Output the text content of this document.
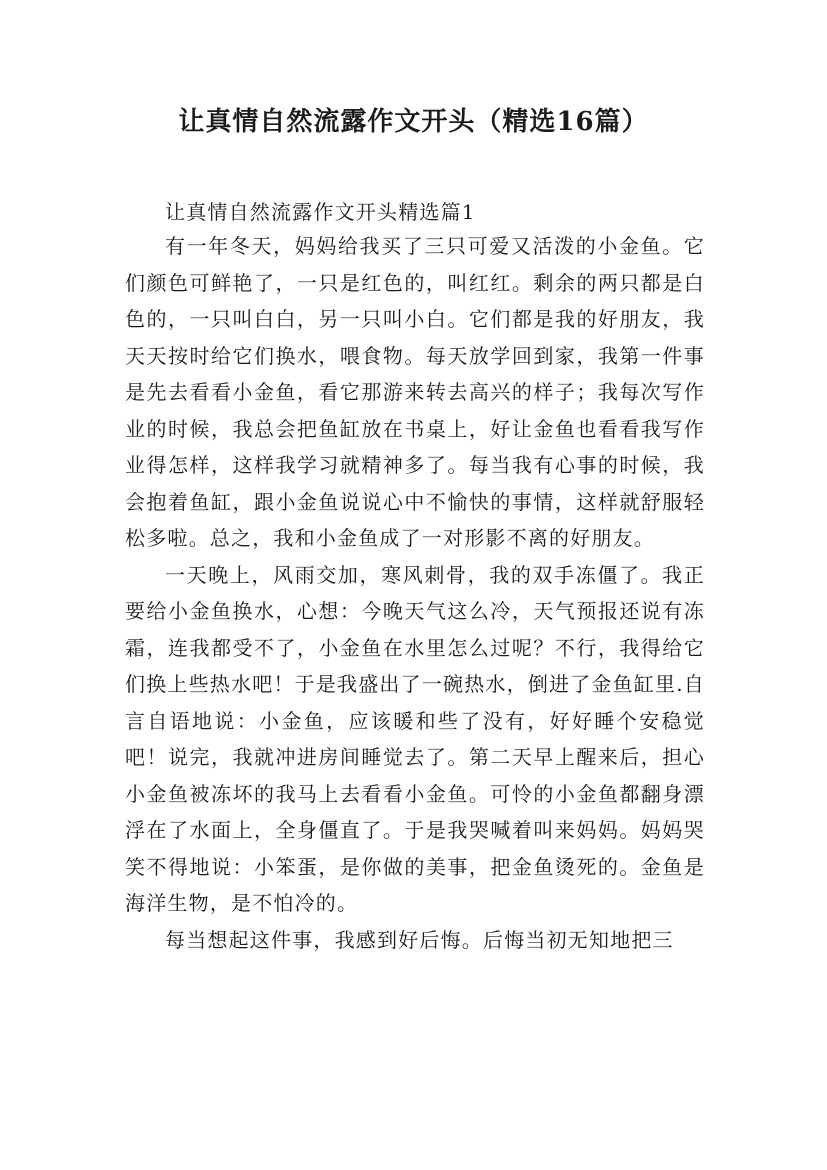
让真情自然流露作文开头（精选16篇）

让真情自然流露作文开头精选篇1

有一年冬天，妈妈给我买了三只可爱又活泼的小金鱼。它们颜色可鲜艳了，一只是红色的，叫红红。剩余的两只都是白色的，一只叫白白，另一只叫小白。它们都是我的好朋友，我天天按时给它们换水，喂食物。每天放学回到家，我第一件事是先去看看小金鱼，看它那游来转去高兴的样子；我每次写作业的时候，我总会把鱼缸放在书桌上，好让金鱼也看看我写作业得怎样，这样我学习就精神多了。每当我有心事的时候，我会抱着鱼缸，跟小金鱼说说心中不愉快的事情，这样就舒服轻松多啦。总之，我和小金鱼成了一对形影不离的好朋友。

一天晚上，风雨交加，寒风刺骨，我的双手冻僵了。我正要给小金鱼换水，心想：今晚天气这么冷，天气预报还说有冻霜，连我都受不了，小金鱼在水里怎么过呢？不行，我得给它们换上些热水吧！于是我盛出了一碗热水，倒进了金鱼缸里.自言自语地说：小金鱼，应该暖和些了没有，好好睡个安稳觉吧！说完，我就冲进房间睡觉去了。第二天早上醒来后，担心小金鱼被冻坏的我马上去看看小金鱼。可怜的小金鱼都翻身漂浮在了水面上，全身僵直了。于是我哭喊着叫来妈妈。妈妈哭笑不得地说：小笨蛋，是你做的美事，把金鱼烫死的。金鱼是海洋生物，是不怕冷的。

每当想起这件事，我感到好后悔。后悔当初无知地把三
